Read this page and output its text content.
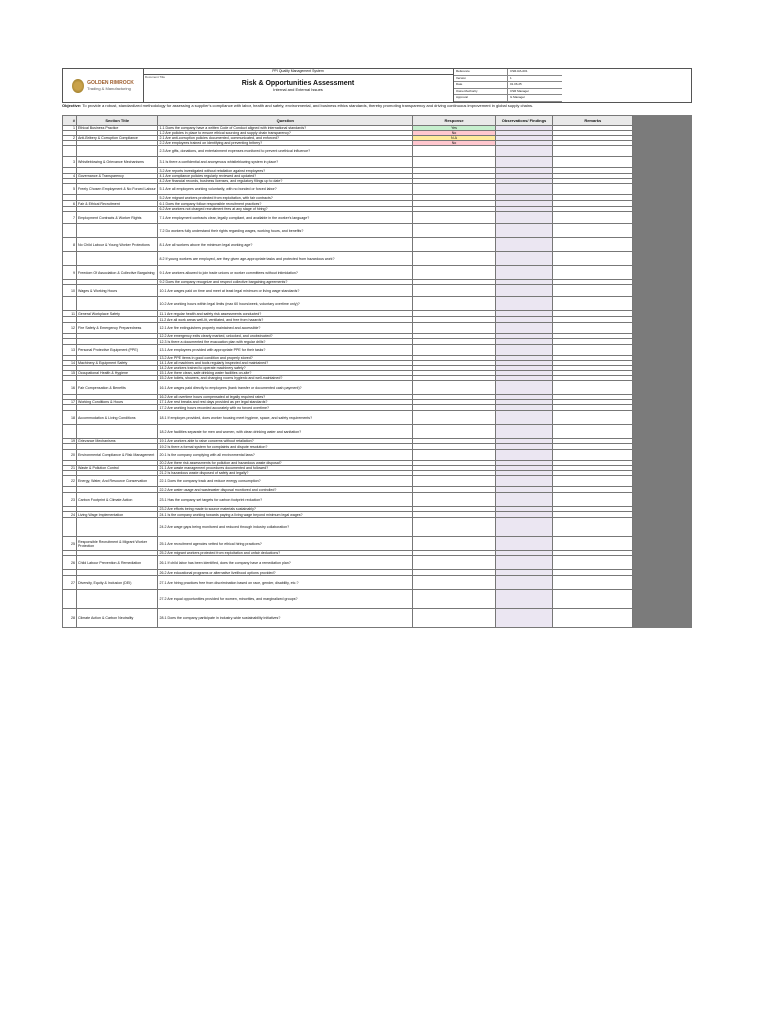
GOLDEN RIMROCK
Trading & Manufacturing
PPI Quality Management System
Document Title
Risk & Opportunities Assessment
Internal and External Issues
Reference	CSR-RA-001
Version	1
Date	01.06.25
Owner/Authority	CSR Manager
Approval	G Manager
Objective: To provide a robust, standardized methodology for assessing a supplier's compliance with labor, health and safety, environmental, and business ethics standards, thereby promoting transparency and driving continuous improvement in global supply chains.
#	Section Title	Question	Response	Observations/ Findings	Remarks	
1	Ethical Business Practice	1.1 Does the company have a written Code of Conduct aligned with international standards?	Yes			
		1.2 Are policies in place to ensure ethical sourcing and supply chain transparency?	No			
2	Anti-Bribery & Corruption Compliance	2.1 Are anti-corruption policies documented, communicated, and enforced?	N.A			
		2.2 Are employees trained on identifying and preventing bribery?	No			
		2.3 Are gifts, donations, and entertainment expenses monitored to prevent unethical influence?				
3	Whistleblowing & Grievance Mechanisms	3.1 Is there a confidential and anonymous whistleblowing system in place?				
		3.2 Are reports investigated without retaliation against employees?				
4	Governance & Transparency	4.1 Are compliance policies regularly reviewed and updated?				
		4.2 Are financial records, business licenses, and regulatory filings up to date?				
5	Freely Chosen Employment & No Forced Labour	5.1 Are all employees working voluntarily, with no bonded or forced labor?				
		5.2 Are migrant workers protected from exploitation, with fair contracts?				
6	Fair & Ethical Recruitment	6.1 Does the company follow responsible recruitment practices?				
		6.2 Are workers not charged recruitment fees at any stage of hiring?				
7	Employment Contracts & Worker Rights	7.1 Are employment contracts clear, legally compliant, and available in the worker's language?				
		7.2 Do workers fully understand their rights regarding wages, working hours, and benefits?				
8	No Child Labour & Young Worker Protections	8.1 Are all workers above the minimum legal working age?				
		8.2 If young workers are employed, are they given age-appropriate tasks and protected from hazardous work?				
9	Freedom Of Association & Collective Bargaining	9.1 Are workers allowed to join trade unions or worker committees without intimidation?				
		9.2 Does the company recognize and respect collective bargaining agreements?				
10	Wages & Working Hours	10.1 Are wages paid on time and meet at least legal minimum or living wage standards?				
		10.2 Are working hours within legal limits (max 60 hours/week, voluntary overtime only)?				
11	General Workplace Safety	11.1 Are regular health and safety risk assessments conducted?				
		11.2 Are all work areas well-lit, ventilated, and free from hazards?				
12	Fire Safety & Emergency Preparedness	12.1 Are fire extinguishers properly maintained and accessible?				
		12.2 Are emergency exits clearly marked, unlocked, and unobstructed?				
		12.3 Is there a documented fire evacuation plan with regular drills?				
13	Personal Protective Equipment (PPE)	13.1 Are employees provided with appropriate PPE for their tasks?				
		13.2 Are PPE items in good condition and properly stored?				
14	Machinery & Equipment Safety	14.1 Are all machines and tools regularly inspected and maintained?				
		14.2 Are workers trained to operate machinery safely?				
15	Occupational Health & Hygiene	15.1 Are there clean, safe drinking water facilities on-site?				
		15.2 Are toilets, showers, and changing rooms hygienic and well-maintained?				
16	Fair Compensation & Benefits	16.1 Are wages paid directly to employees (bank transfer or documented cash payment)?				
		16.2 Are all overtime hours compensated at legally required rates?				
17	Working Conditions & Hours	17.1 Are rest breaks and rest days provided as per legal standards?				
		17.2 Are working hours recorded accurately with no forced overtime?				
18	Accommodation & Living Conditions	18.1 If employer-provided, does worker housing meet hygiene, space, and safety requirements?				
		18.2 Are facilities separate for men and women, with clean drinking water and sanitation?				
19	Grievance Mechanisms	19.1 Are workers able to raise concerns without retaliation?				
		19.2 Is there a formal system for complaints and dispute resolution?				
20	Environmental Compliance & Risk Management	20.1 Is the company complying with all environmental laws?				
		20.2 Are there risk assessments for pollution and hazardous waste disposal?				
21	Waste & Pollution Control	21.1 Are waste management procedures documented and followed?				
		21.2 Is hazardous waste disposed of safely and legally?				
22	Energy, Water, And Resource Conservation	22.1 Does the company track and reduce energy consumption?				
		22.2 Are water usage and wastewater disposal monitored and controlled?				
23	Carbon Footprint & Climate Action	23.1 Has the company set targets for carbon footprint reduction?				
		23.2 Are efforts being made to source materials sustainably?				
24	Living Wage Implementation	24.1 Is the company working towards paying a living wage beyond minimum legal wages?				
		24.2 Are wage gaps being monitored and reduced through industry collaboration?				
25	Responsible Recruitment & Migrant Worker Protection	25.1 Are recruitment agencies vetted for ethical hiring practices?				
		25.2 Are migrant workers protected from exploitation and unfair deductions?				
26	Child Labour Prevention & Remediation	26.1 If child labor has been identified, does the company have a remediation plan?				
		26.2 Are educational programs or alternative livelihood options provided?				
27	Diversity, Equity & Inclusion (DEI)	27.1 Are hiring practices free from discrimination based on race, gender, disability, etc.?				
		27.2 Are equal opportunities provided for women, minorities, and marginalized groups?				
28	Climate Action & Carbon Neutrality	28.1 Does the company participate in industry-wide sustainability initiatives?				
